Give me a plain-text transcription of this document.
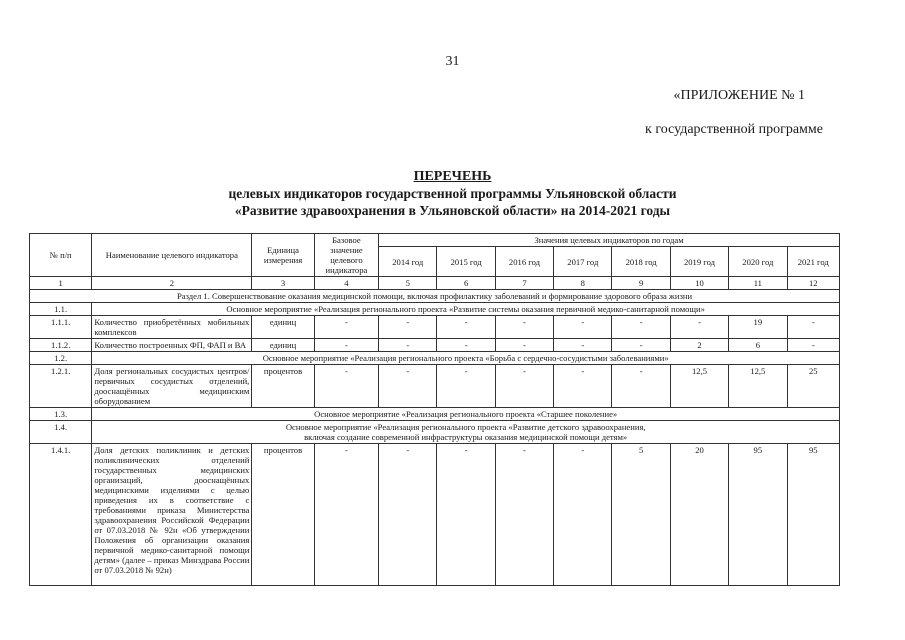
31
«ПРИЛОЖЕНИЕ № 1
к государственной программе
ПЕРЕЧЕНЬ
целевых индикаторов государственной программы Ульяновской области
«Развитие здравоохранения в Ульяновской области» на 2014-2021 годы
№ п/п	Наименование целевого индикатора	Единица измерения	Базовое значение целевого индикатора	Значения целевых индикаторов по годам							
				2014 год	2015 год	2016 год	2017 год	2018 год	2019 год	2020 год	2021 год
1	2	3	4	5	6	7	8	9	10	11	12
Раздел 1. Совершенствование оказания медицинской помощи, включая профилактику заболеваний и формирование здорового образа жизни											
1.1.	Основное мероприятие «Реализация регионального проекта «Развитие системы оказания первичной медико-санитарной помощи»										
1.1.1.	Количество приобретённых мобильных комплексов	единиц	-	-	-	-	-	-	-	19	-
1.1.2.	Количество построенных ФП, ФАП и ВА	единиц	-	-	-	-	-	-	2	6	-
1.2.	Основное мероприятие «Реализация регионального проекта «Борьба с сердечно-сосудистыми заболеваниями»										
1.2.1.	Доля региональных сосудистых центров/первичных сосудистых отделений, дооснащённых медицинским оборудованием	процентов	-	-	-	-	-	-	12,5	12,5	25
1.3.	Основное мероприятие «Реализация регионального проекта «Старшее поколение»										
1.4.	Основное мероприятие «Реализация регионального проекта «Развитие детского здравоохранения,
включая создание современной инфраструктуры оказания медицинской помощи детям»										

1.4.1.	Доля детских поликлиник и детских поликлинических отделений государственных медицинских организаций, дооснащённых медицинскими изделиями с целью приведения их в соответствие с требованиями приказа Министерства здравоохранения Российской Федерации от 07.03.2018 № 92н «Об утверждении Положения об организации оказания первичной медико-санитарной помощи детям» (далее – приказ Минздрава России от 07.03.2018 № 92н)	процентов	-	-	-	-	-	5	20	95	95
